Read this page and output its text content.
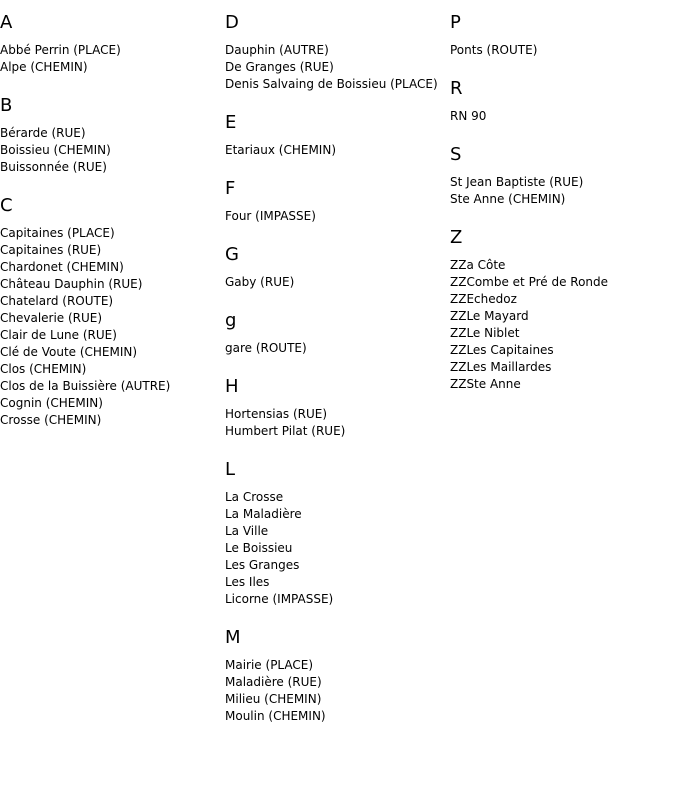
A
Abbé Perrin (PLACE)
Alpe (CHEMIN)
B
Bérarde (RUE)
Boissieu (CHEMIN)
Buissonnée (RUE)
C
Capitaines (PLACE)
Capitaines (RUE)
Chardonet (CHEMIN)
Château Dauphin (RUE)
Chatelard (ROUTE)
Chevalerie (RUE)
Clair de Lune (RUE)
Clé de Voute (CHEMIN)
Clos (CHEMIN)
Clos de la Buissière (AUTRE)
Cognin (CHEMIN)
Crosse (CHEMIN)
D
Dauphin (AUTRE)
De Granges (RUE)
Denis Salvaing de Boissieu (PLACE)
E
Etariaux (CHEMIN)
F
Four (IMPASSE)
G
Gaby (RUE)
g
gare (ROUTE)
H
Hortensias (RUE)
Humbert Pilat (RUE)
L
La Crosse
La Maladière
La Ville
Le Boissieu
Les Granges
Les Iles
Licorne (IMPASSE)
M
Mairie (PLACE)
Maladière (RUE)
Milieu (CHEMIN)
Moulin (CHEMIN)
P
Ponts (ROUTE)
R
RN 90
S
St Jean Baptiste (RUE)
Ste Anne (CHEMIN)
Z
ZZa Côte
ZZCombe et Pré de Ronde
ZZEchedoz
ZZLe Mayard
ZZLe Niblet
ZZLes Capitaines
ZZLes Maillardes
ZZSte Anne
